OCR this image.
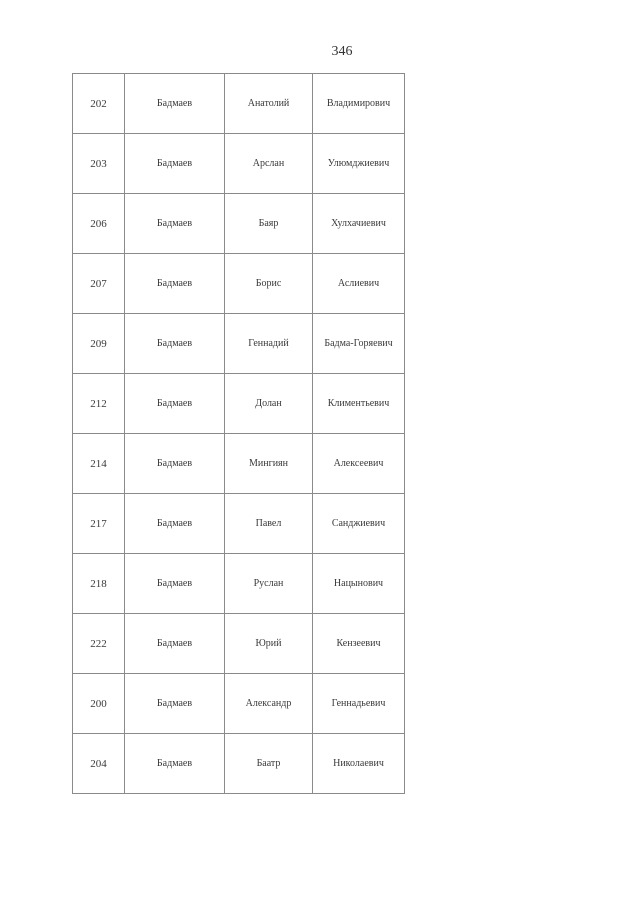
346
202	Бадмаев	Анатолий	Владимирович
203	Бадмаев	Арслан	Улюмджиевич
206	Бадмаев	Баяр	Хулхачиевич
207	Бадмаев	Борис	Аслиевич
209	Бадмаев	Геннадий	Бадма-Горяевич
212	Бадмаев	Долан	Климентьевич
214	Бадмаев	Мингиян	Алексеевич
217	Бадмаев	Павел	Санджиевич
218	Бадмаев	Руслан	Нацынович
222	Бадмаев	Юрий	Кензеевич
200	Бадмаев	Александр	Геннадьевич
204	Бадмаев	Баатр	Николаевич
